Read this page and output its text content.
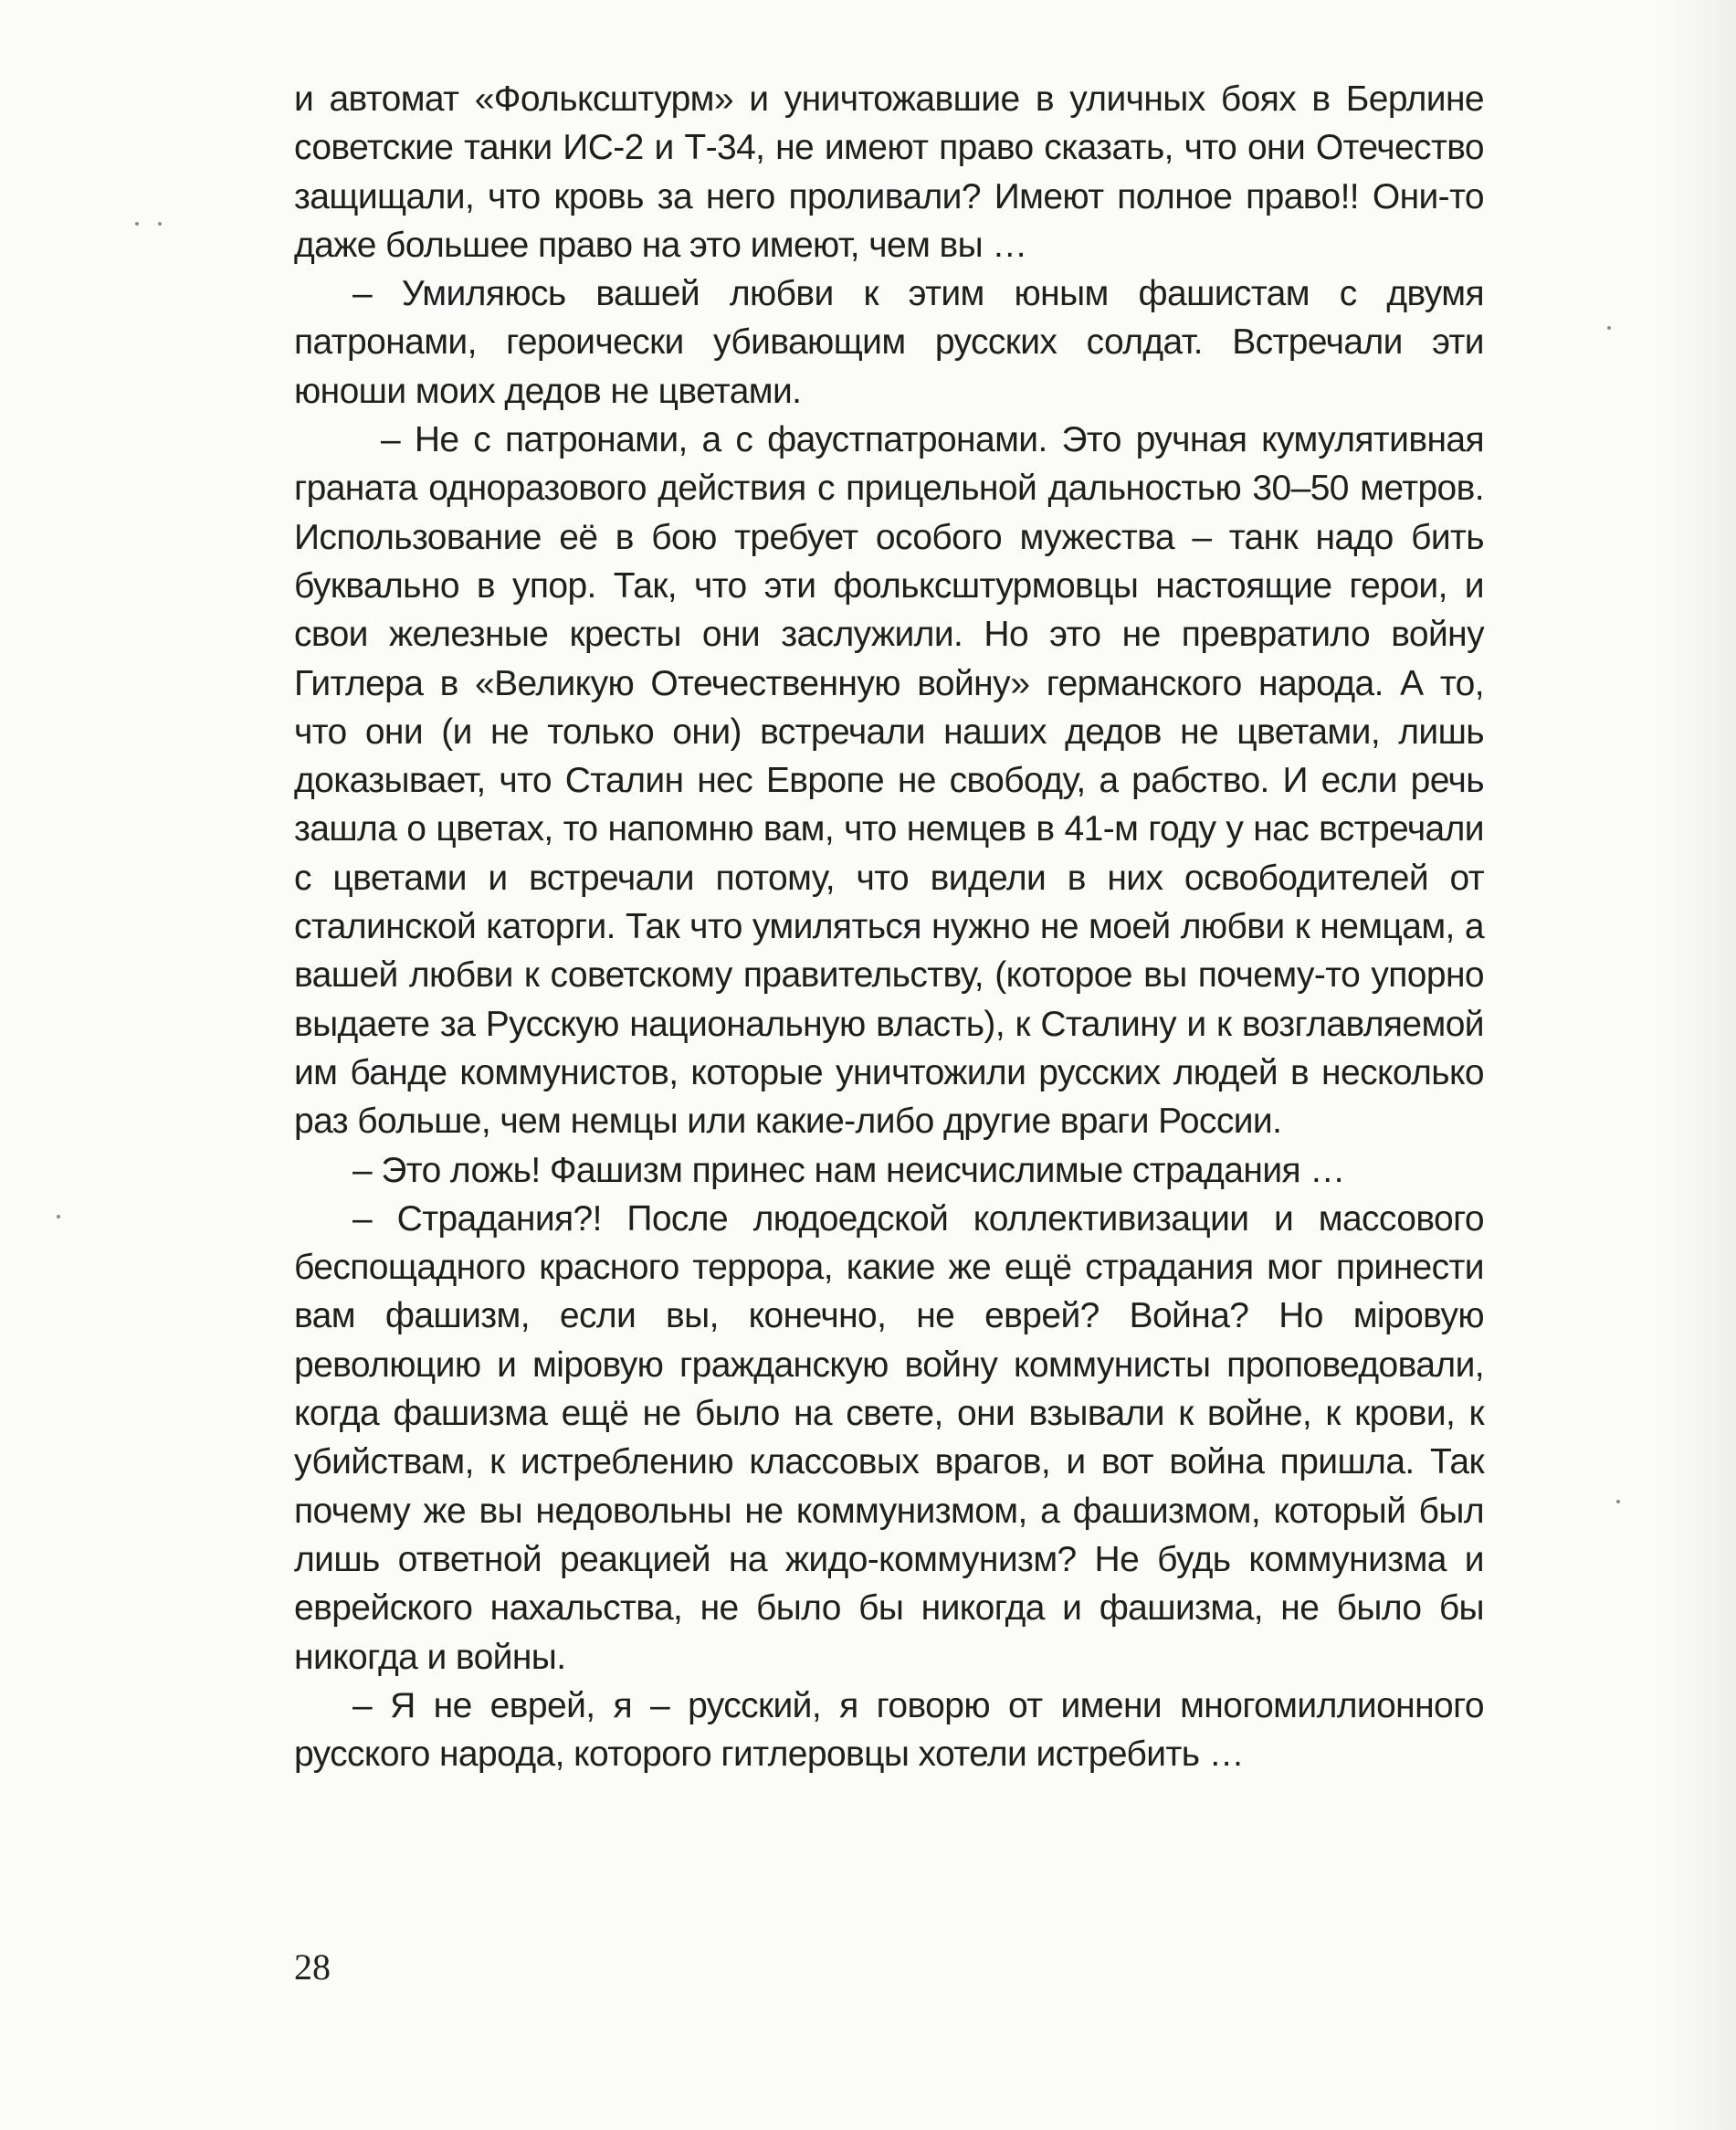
и автомат «Фольксштурм» и уничтожавшие в уличных боях в Берлине советские танки ИС-2 и Т-34, не имеют право сказать, что они Отечество защищали, что кровь за него проливали? Имеют полное право!! Они-то даже большее право на это имеют, чем вы …

– Умиляюсь вашей любви к этим юным фашистам с двумя патронами, героически убивающим русских солдат. Встречали эти юноши моих дедов не цветами.

– Не с патронами, а с фаустпатронами. Это ручная кумулятивная граната одноразового действия с прицельной дальностью 30–50 метров. Использование её в бою требует особого мужества – танк надо бить буквально в упор. Так, что эти фольксштурмовцы настоящие герои, и свои железные кресты они заслужили. Но это не превратило войну Гитлера в «Великую Отечественную войну» германского народа. А то, что они (и не только они) встречали наших дедов не цветами, лишь доказывает, что Сталин нес Европе не свободу, а рабство. И если речь зашла о цветах, то напомню вам, что немцев в 41-м году у нас встречали с цветами и встречали потому, что видели в них освободителей от сталинской каторги. Так что умиляться нужно не моей любви к немцам, а вашей любви к советскому правительству, (которое вы почему-то упорно выдаете за Русскую национальную власть), к Сталину и к возглавляемой им банде коммунистов, которые уничтожили русских людей в несколько раз больше, чем немцы или какие-либо другие враги России.

– Это ложь! Фашизм принес нам неисчислимые страдания …

– Страдания?! После людоедской коллективизации и массового беспощадного красного террора, какие же ещё страдания мог принести вам фашизм, если вы, конечно, не еврей? Война? Но міровую революцию и міровую гражданскую войну коммунисты проповедовали, когда фашизма ещё не было на свете, они взывали к войне, к крови, к убийствам, к истреблению классовых врагов, и вот война пришла. Так почему же вы недовольны не коммунизмом, а фашизмом, который был лишь ответной реакцией на жидо-коммунизм? Не будь коммунизма и еврейского нахальства, не было бы никогда и фашизма, не было бы никогда и войны.

– Я не еврей, я – русский, я говорю от имени многомиллионного русского народа, которого гитлеровцы хотели истребить …

28
